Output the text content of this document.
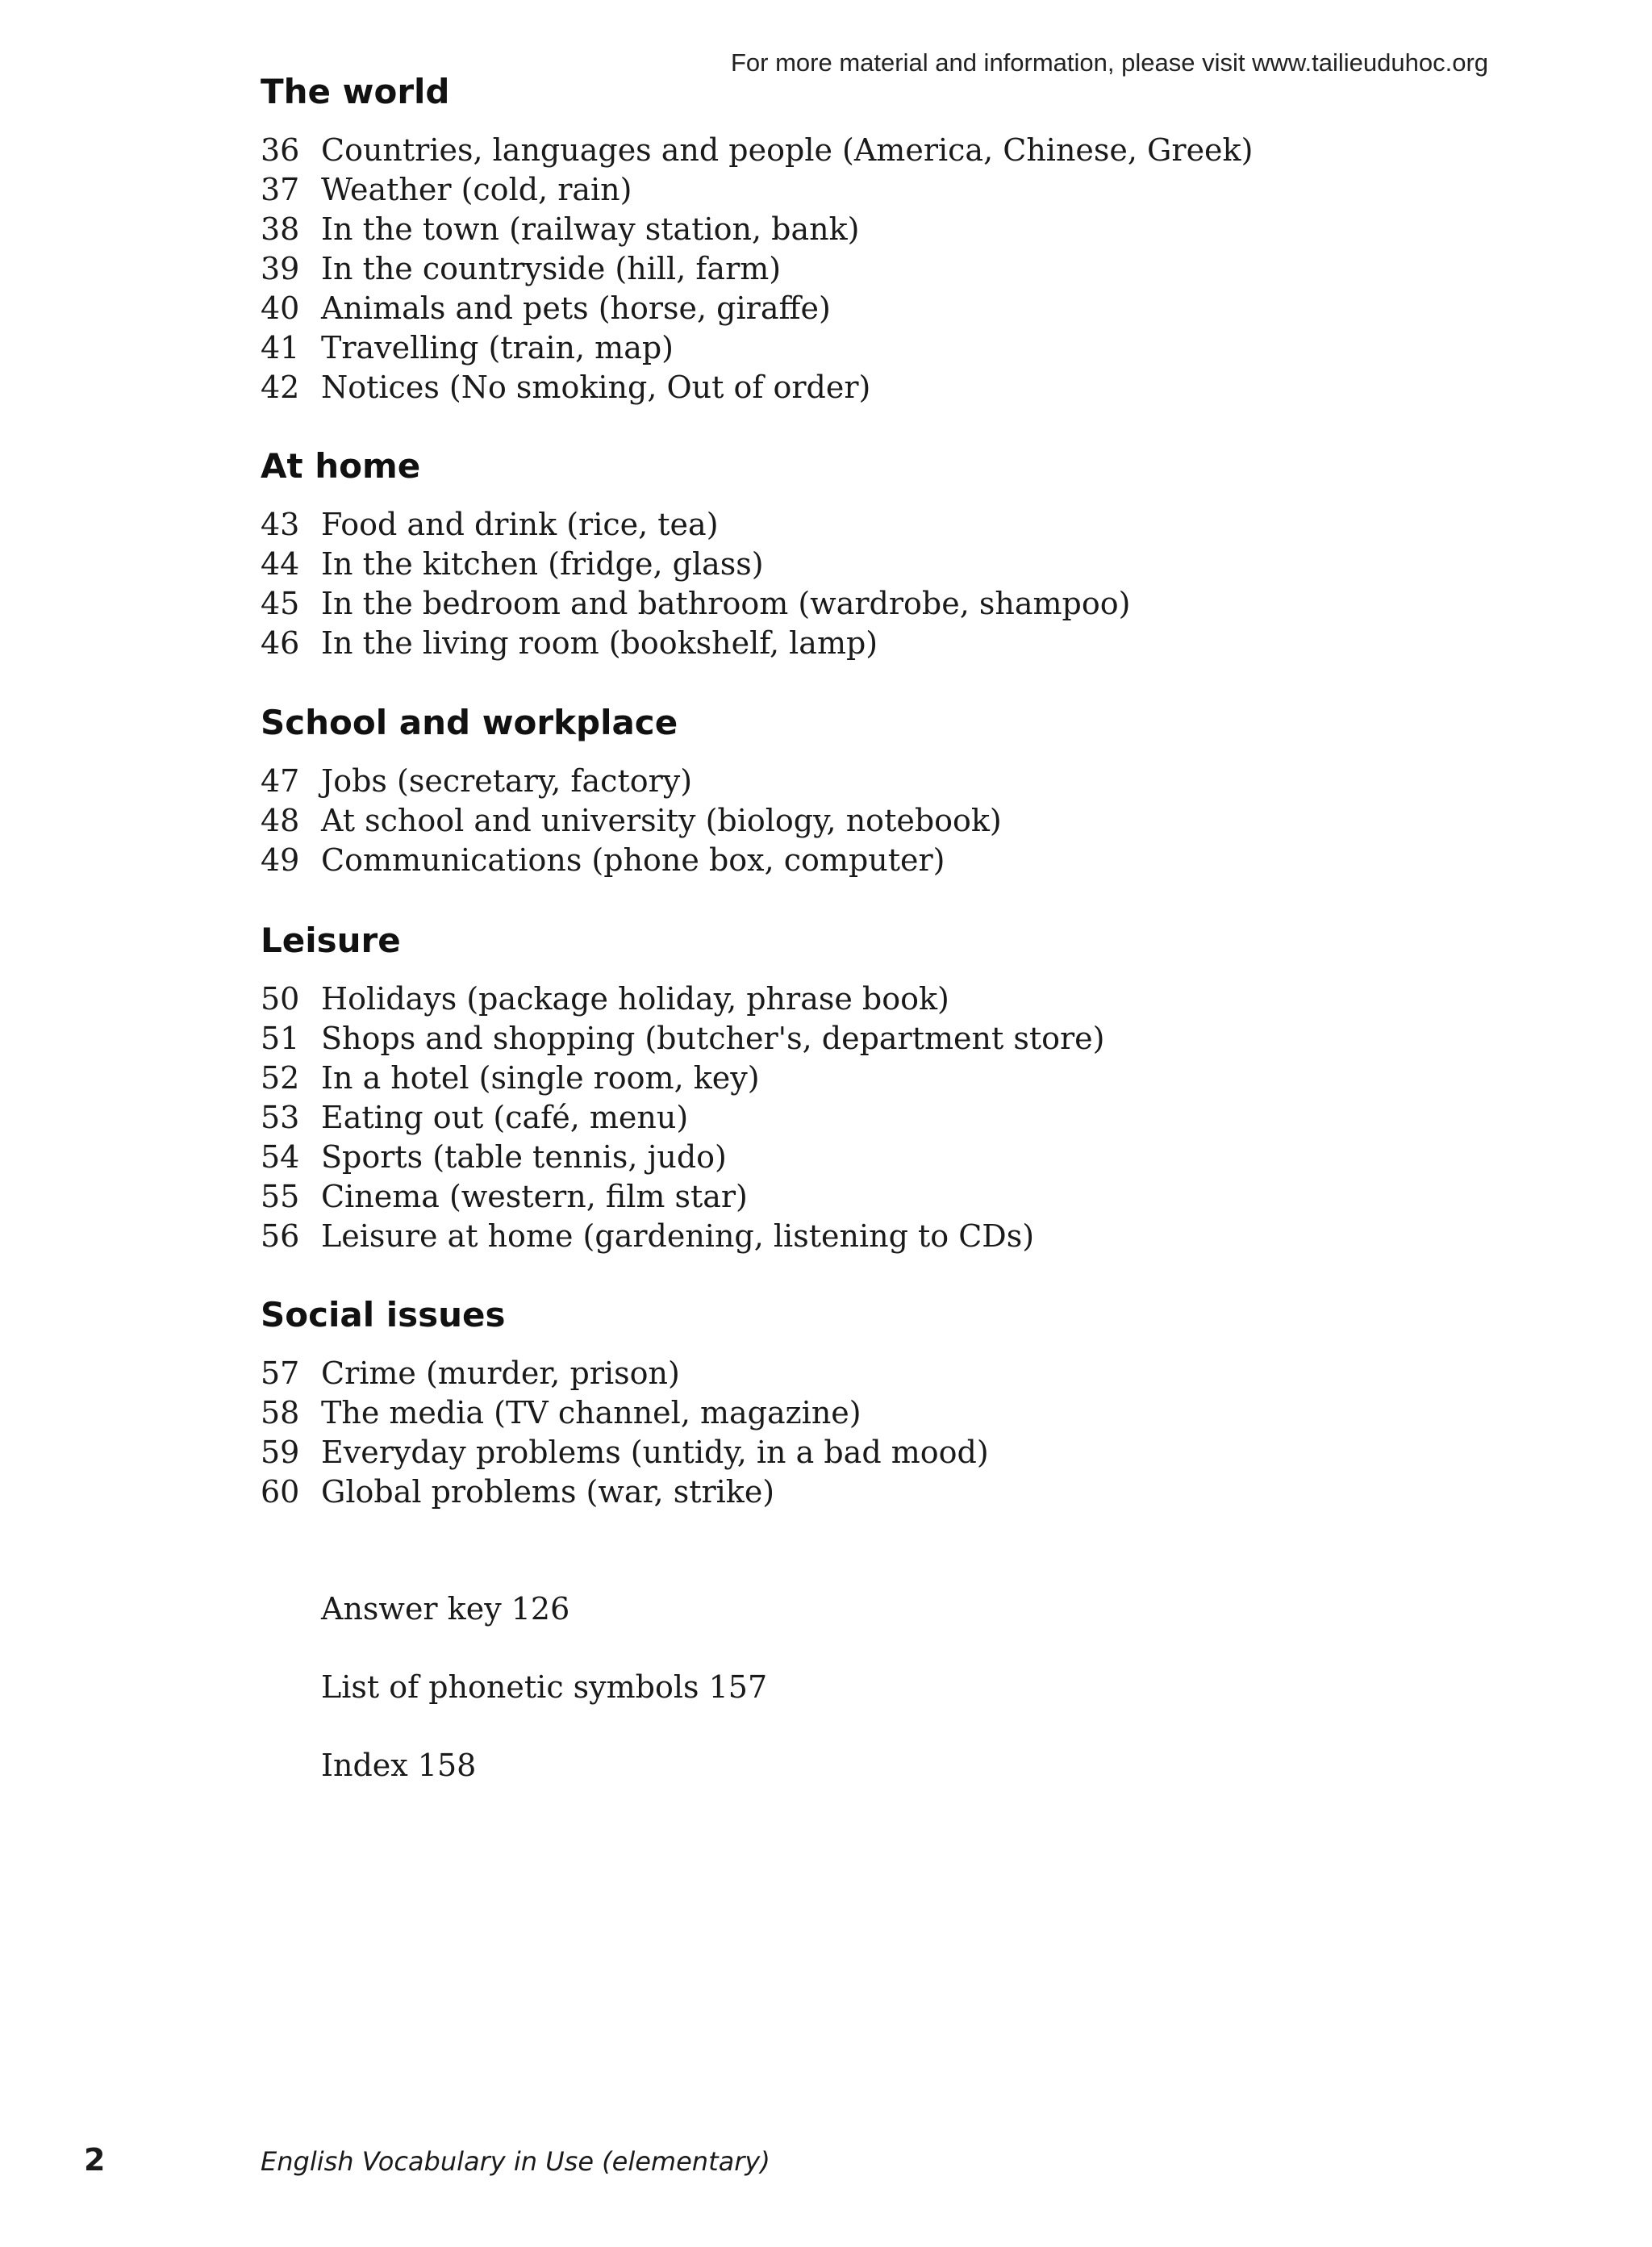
For more material and information, please visit www.tailieuduhoc.org
The world
36 Countries, languages and people (America, Chinese, Greek)
37 Weather (cold, rain)
38 In the town (railway station, bank)
39 In the countryside (hill, farm)
40 Animals and pets (horse, giraffe)
41 Travelling (train, map)
42 Notices (No smoking, Out of order)
At home
43 Food and drink (rice, tea)
44 In the kitchen (fridge, glass)
45 In the bedroom and bathroom (wardrobe, shampoo)
46 In the living room (bookshelf, lamp)
School and workplace
47 Jobs (secretary, factory)
48 At school and university (biology, notebook)
49 Communications (phone box, computer)
Leisure
50 Holidays (package holiday, phrase book)
51 Shops and shopping (butcher's, department store)
52 In a hotel (single room, key)
53 Eating out (café, menu)
54 Sports (table tennis, judo)
55 Cinema (western, film star)
56 Leisure at home (gardening, listening to CDs)
Social issues
57 Crime (murder, prison)
58 The media (TV channel, magazine)
59 Everyday problems (untidy, in a bad mood)
60 Global problems (war, strike)

Answer key 126

List of phonetic symbols 157

Index 158

2	English Vocabulary in Use (elementary)
